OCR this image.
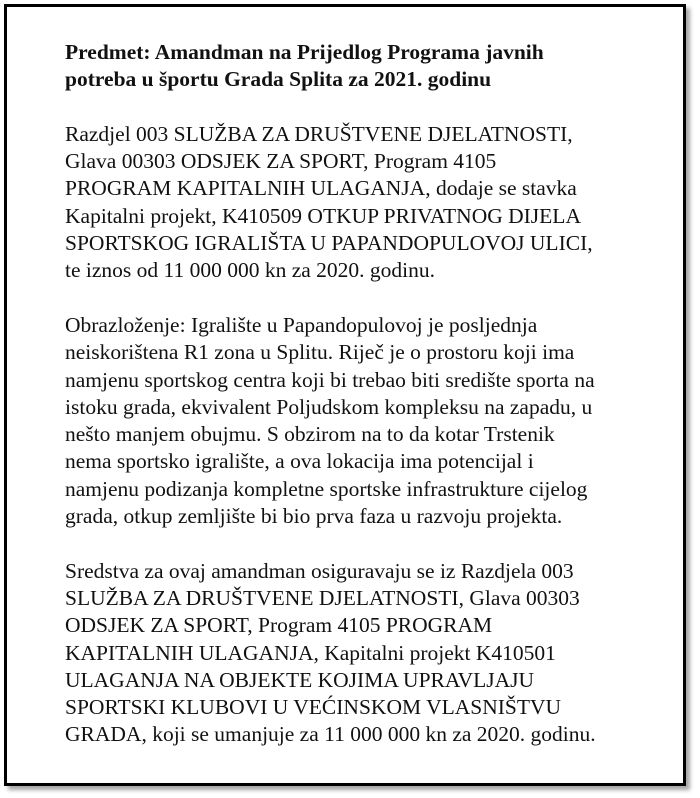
Predmet: Amandman na Prijedlog Programa javnih
potreba u športu Grada Splita za 2021. godinu

Razdjel 003 SLUŽBA ZA DRUŠTVENE DJELATNOSTI,
Glava 00303 ODSJEK ZA SPORT, Program 4105
PROGRAM KAPITALNIH ULAGANJA, dodaje se stavka
Kapitalni projekt, K410509 OTKUP PRIVATNOG DIJELA
SPORTSKOG IGRALIŠTA U PAPANDOPULOVOJ ULICI,
te iznos od 11 000 000 kn za 2020. godinu.

Obrazloženje: Igralište u Papandopulovoj je posljednja
neiskorištena R1 zona u Splitu. Riječ je o prostoru koji ima
namjenu sportskog centra koji bi trebao biti središte sporta na
istoku grada, ekvivalent Poljudskom kompleksu na zapadu, u
nešto manjem obujmu. S obzirom na to da kotar Trstenik
nema sportsko igralište, a ova lokacija ima potencijal i
namjenu podizanja kompletne sportske infrastrukture cijelog
grada, otkup zemljište bi bio prva faza u razvoju projekta.

Sredstva za ovaj amandman osiguravaju se iz Razdjela 003
SLUŽBA ZA DRUŠTVENE DJELATNOSTI, Glava 00303
ODSJEK ZA SPORT, Program 4105 PROGRAM
KAPITALNIH ULAGANJA, Kapitalni projekt K410501
ULAGANJA NA OBJEKTE KOJIMA UPRAVLJAJU
SPORTSKI KLUBOVI U VEĆINSKOM VLASNIŠTVU
GRADA, koji se umanjuje za 11 000 000 kn za 2020. godinu.
